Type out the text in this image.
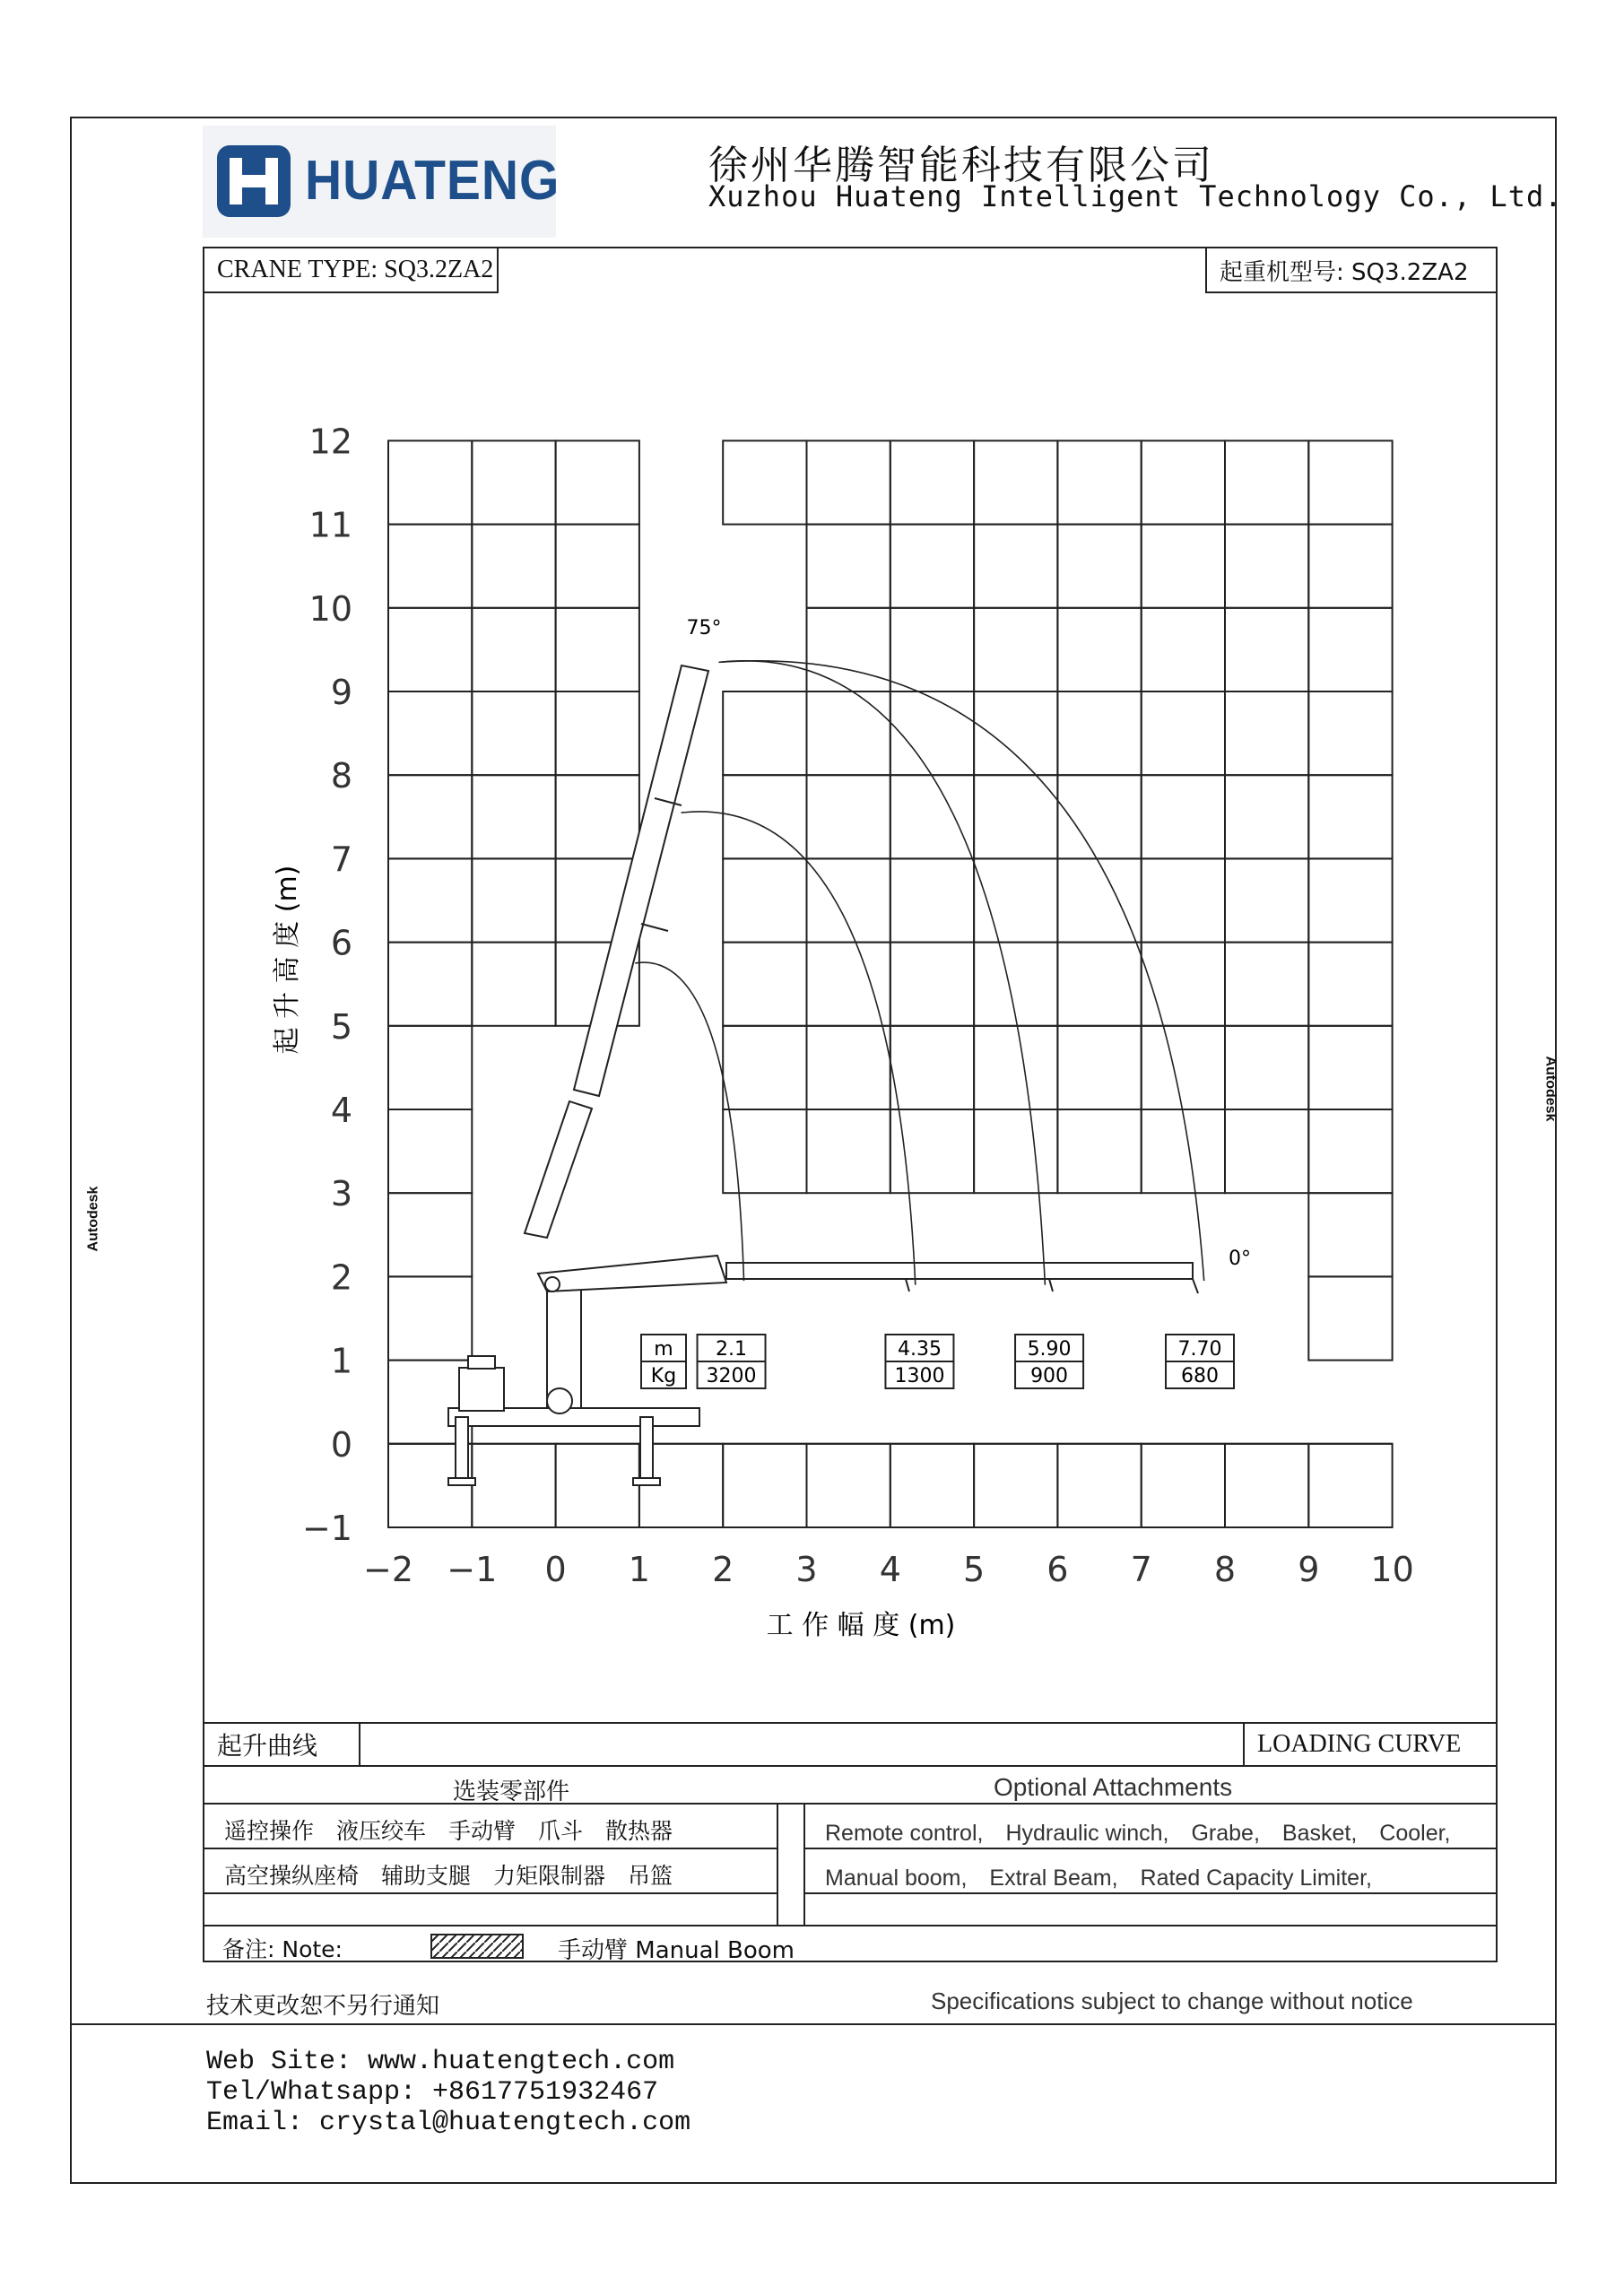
HUATENG	徐州华腾智能科技有限公司
Xuzhou Huateng Intelligent Technology Co., Ltd.
CRANE TYPE: SQ3.2ZA2	起重机型号: SQ3.2ZA2
Autodesk
Autodesk
−2 −1 0 1 2 3 4 5 6 7 8 9 10
−1
0
1
2
3
4
5
6
7
8
9
10
11
12
工 作 幅 度 (m)
起 升 高 度 (m)
75°
0°
m
Kg
2.1
3200
4.35
1300
5.90
900
7.70
680
起升曲线	LOADING CURVE
选装零部件	Optional Attachments
遥控操作　液压绞车　手动臂　爪斗　散热器
高空操纵座椅　辅助支腿　力矩限制器　吊篮
Remote control,　Hydraulic winch,　Grabe,　Basket,　Cooler,
Manual boom,　Extral Beam,　Rated Capacity Limiter,
备注: Note:	手动臂 Manual Boom
技术更改恕不另行通知	Specifications subject to change without notice
Web Site: www.huatengtech.com
Tel/Whatsapp: +8617751932467
Email: crystal@huatengtech.com
